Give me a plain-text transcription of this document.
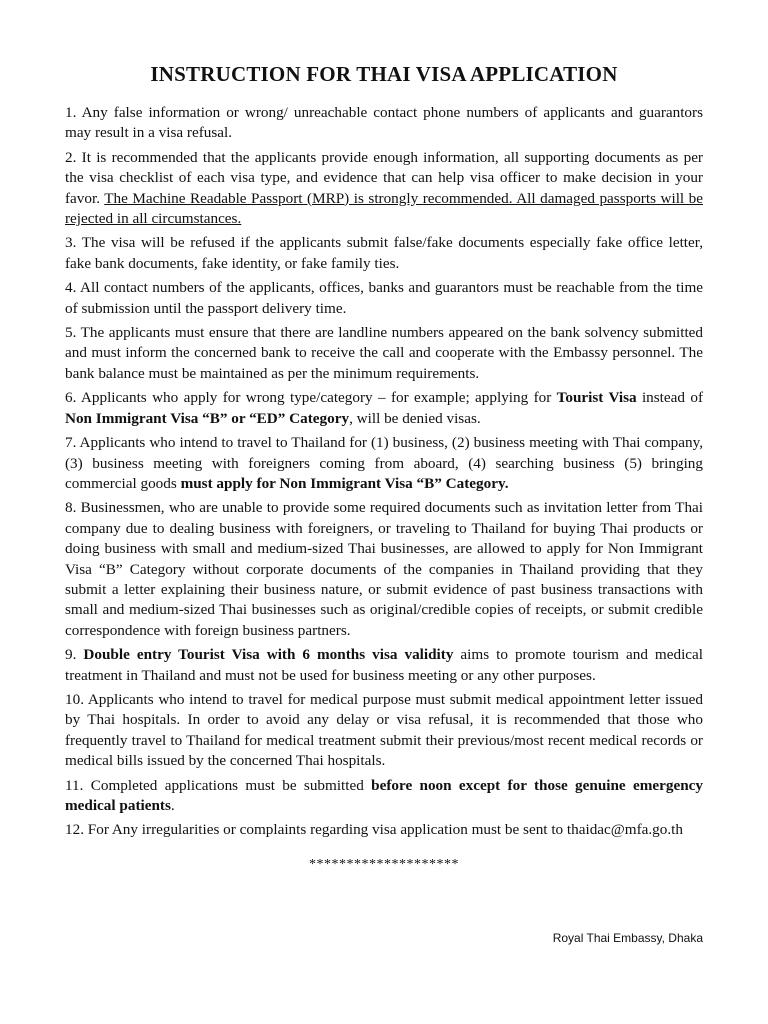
INSTRUCTION FOR THAI VISA APPLICATION

1. Any false information or wrong/ unreachable contact phone numbers of applicants and guarantors may result in a visa refusal.

2. It is recommended that the applicants provide enough information, all supporting documents as per the visa checklist of each visa type, and evidence that can help visa officer to make decision in your favor. The Machine Readable Passport (MRP) is strongly recommended. All damaged passports will be rejected in all circumstances.

3. The visa will be refused if the applicants submit false/fake documents especially fake office letter, fake bank documents, fake identity, or fake family ties.

4. All contact numbers of the applicants, offices, banks and guarantors must be reachable from the time of submission until the passport delivery time.

5. The applicants must ensure that there are landline numbers appeared on the bank solvency submitted and must inform the concerned bank to receive the call and cooperate with the Embassy personnel. The bank balance must be maintained as per the minimum requirements.

6. Applicants who apply for wrong type/category – for example; applying for Tourist Visa instead of Non Immigrant Visa “B” or “ED” Category, will be denied visas.

7. Applicants who intend to travel to Thailand for (1) business, (2) business meeting with Thai company, (3) business meeting with foreigners coming from aboard, (4) searching business (5) bringing commercial goods must apply for Non Immigrant Visa “B” Category.

8. Businessmen, who are unable to provide some required documents such as invitation letter from Thai company due to dealing business with foreigners, or traveling to Thailand for buying Thai products or doing business with small and medium-sized Thai businesses, are allowed to apply for Non Immigrant Visa “B” Category without corporate documents of the companies in Thailand providing that they submit a letter explaining their business nature, or submit evidence of past business transactions with small and medium-sized Thai businesses such as original/credible copies of receipts, or submit credible correspondence with foreign business partners.

9. Double entry Tourist Visa with 6 months visa validity aims to promote tourism and medical treatment in Thailand and must not be used for business meeting or any other purposes.

10. Applicants who intend to travel for medical purpose must submit medical appointment letter issued by Thai hospitals. In order to avoid any delay or visa refusal, it is recommended that those who frequently travel to Thailand for medical treatment submit their previous/most recent medical records or medical bills issued by the concerned Thai hospitals.

11. Completed applications must be submitted before noon except for those genuine emergency medical patients.

12. For Any irregularities or complaints regarding visa application must be sent to thaidac@mfa.go.th

********************
Royal Thai Embassy, Dhaka
